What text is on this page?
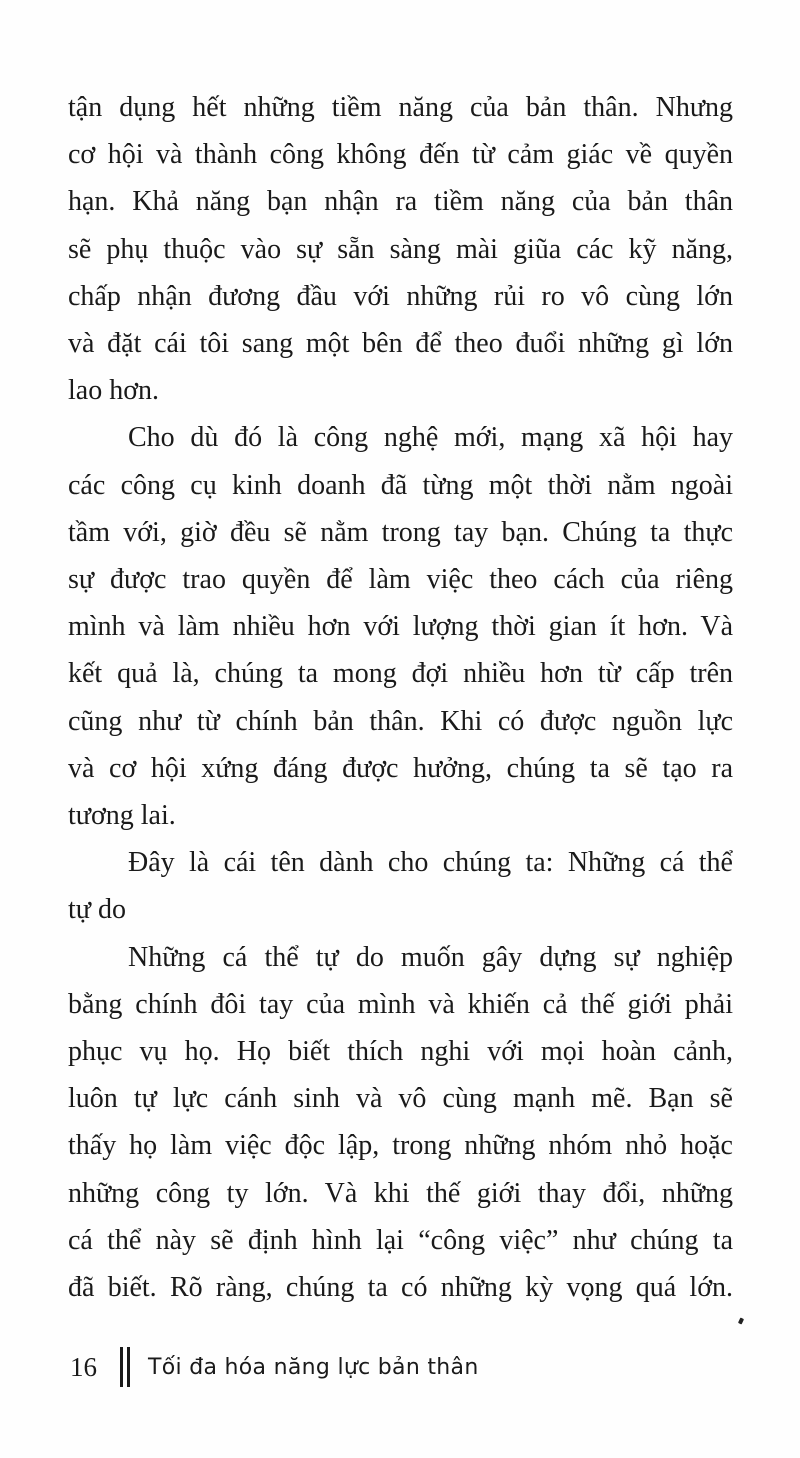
tận dụng hết những tiềm năng của bản thân. Nhưng
cơ hội và thành công không đến từ cảm giác về quyền
hạn. Khả năng bạn nhận ra tiềm năng của bản thân
sẽ phụ thuộc vào sự sẵn sàng mài giũa các kỹ năng,
chấp nhận đương đầu với những rủi ro vô cùng lớn
và đặt cái tôi sang một bên để theo đuổi những gì lớn
lao hơn.
Cho dù đó là công nghệ mới, mạng xã hội hay
các công cụ kinh doanh đã từng một thời nằm ngoài
tầm với, giờ đều sẽ nằm trong tay bạn. Chúng ta thực
sự được trao quyền để làm việc theo cách của riêng
mình và làm nhiều hơn với lượng thời gian ít hơn. Và
kết quả là, chúng ta mong đợi nhiều hơn từ cấp trên
cũng như từ chính bản thân. Khi có được nguồn lực
và cơ hội xứng đáng được hưởng, chúng ta sẽ tạo ra
tương lai.
Đây là cái tên dành cho chúng ta: Những cá thể
tự do
Những cá thể tự do muốn gây dựng sự nghiệp
bằng chính đôi tay của mình và khiến cả thế giới phải
phục vụ họ. Họ biết thích nghi với mọi hoàn cảnh,
luôn tự lực cánh sinh và vô cùng mạnh mẽ. Bạn sẽ
thấy họ làm việc độc lập, trong những nhóm nhỏ hoặc
những công ty lớn. Và khi thế giới thay đổi, những
cá thể này sẽ định hình lại “công việc” như chúng ta
đã biết. Rõ ràng, chúng ta có những kỳ vọng quá lớn.
16	Tối đa hóa năng lực bản thân
